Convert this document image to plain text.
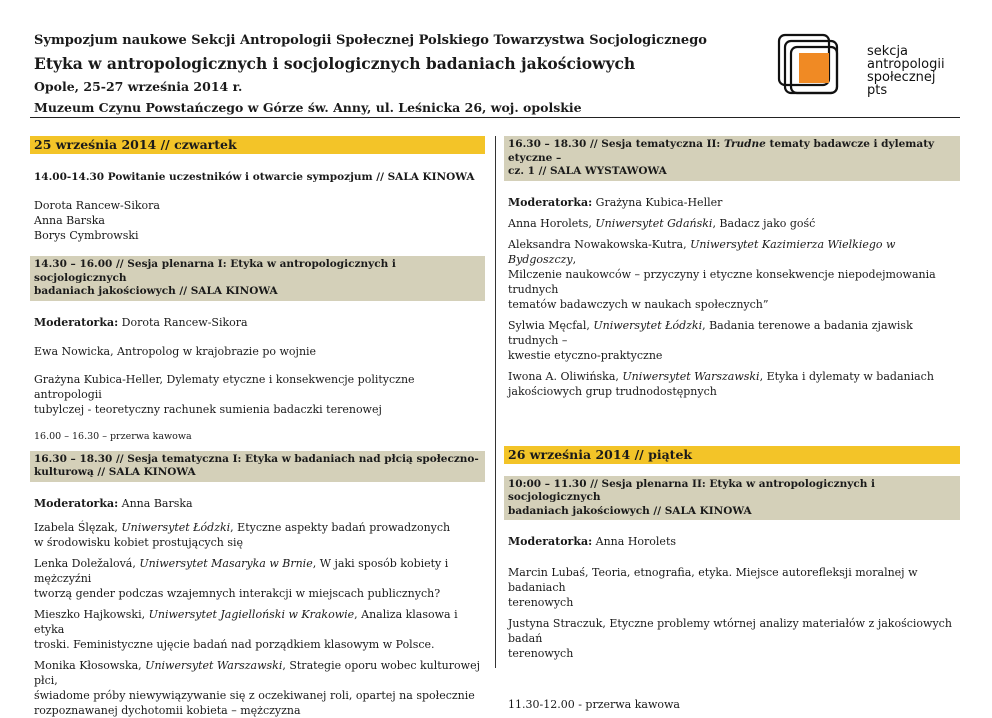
Sympozjum naukowe Sekcji Antropologii Społecznej Polskiego Towarzystwa Socjologicznego
Etyka w antropologicznych i socjologicznych badaniach jakościowych
Opole, 25-27 września 2014 r.
Muzeum Czynu Powstańczego w Górze św. Anny, ul. Leśnicka 26, woj. opolskie
sekcja
antropologii
społecznej
pts
25 września 2014 // czwartek
14.00-14.30 Powitanie uczestników i otwarcie sympozjum // SALA KINOWA
Dorota Rancew-Sikora
Anna Barska
Borys Cymbrowski
14.30 – 16.00 // Sesja plenarna I: Etyka w antropologicznych i socjologicznych
badaniach jakościowych // SALA KINOWA
Moderatorka: Dorota Rancew-Sikora
Ewa Nowicka, Antropolog w krajobrazie po wojnie
Grażyna Kubica-Heller, Dylematy etyczne i konsekwencje polityczne antropologii
tubylczej - teoretyczny rachunek sumienia badaczki terenowej
16.00 – 16.30 – przerwa kawowa
16.30 – 18.30 // Sesja tematyczna I: Etyka w badaniach nad płcią społeczno-
kulturową // SALA KINOWA
Moderatorka: Anna Barska
Izabela Ślęzak, Uniwersytet Łódzki, Etyczne aspekty badań prowadzonych
w środowisku kobiet prostujących się
Lenka Doležalová, Uniwersytet Masaryka w Brnie, W jaki sposób kobiety i mężczyźni
tworzą gender podczas wzajemnych interakcji w miejscach publicznych?
Mieszko Hajkowski, Uniwersytet Jagielloński w Krakowie, Analiza klasowa i etyka
troski. Feministyczne ujęcie badań nad porządkiem klasowym w Polsce.
Monika Kłosowska, Uniwersytet Warszawski, Strategie oporu wobec kulturowej płci,
świadome próby niewywiązywanie się z oczekiwanej roli, opartej na społecznie
rozpoznawanej dychotomii kobieta – mężczyzna
16.30 – 18.30 // Sesja tematyczna II: Trudne tematy badawcze i dylematy etyczne –
cz. 1 // SALA WYSTAWOWA
Moderatorka: Grażyna Kubica-Heller
Anna Horolets, Uniwersytet Gdański, Badacz jako gość
Aleksandra Nowakowska-Kutra, Uniwersytet Kazimierza Wielkiego w Bydgoszczy,
Milczenie naukowców – przyczyny i etyczne konsekwencje niepodejmowania trudnych
tematów badawczych w naukach społecznych”
Sylwia Męcfal, Uniwersytet Łódzki, Badania terenowe a badania zjawisk trudnych –
kwestie etyczno-praktyczne
Iwona A. Oliwińska, Uniwersytet Warszawski, Etyka i dylematy w badaniach
jakościowych grup trudnodostępnych
26 września 2014 // piątek
10:00 – 11.30 // Sesja plenarna II: Etyka w antropologicznych i socjologicznych
badaniach jakościowych // SALA KINOWA
Moderatorka: Anna Horolets
Marcin Lubaś, Teoria, etnografia, etyka. Miejsce autorefleksji moralnej w badaniach
terenowych
Justyna Straczuk, Etyczne problemy wtórnej analizy materiałów z jakościowych badań
terenowych
11.30-12.00 - przerwa kawowa
